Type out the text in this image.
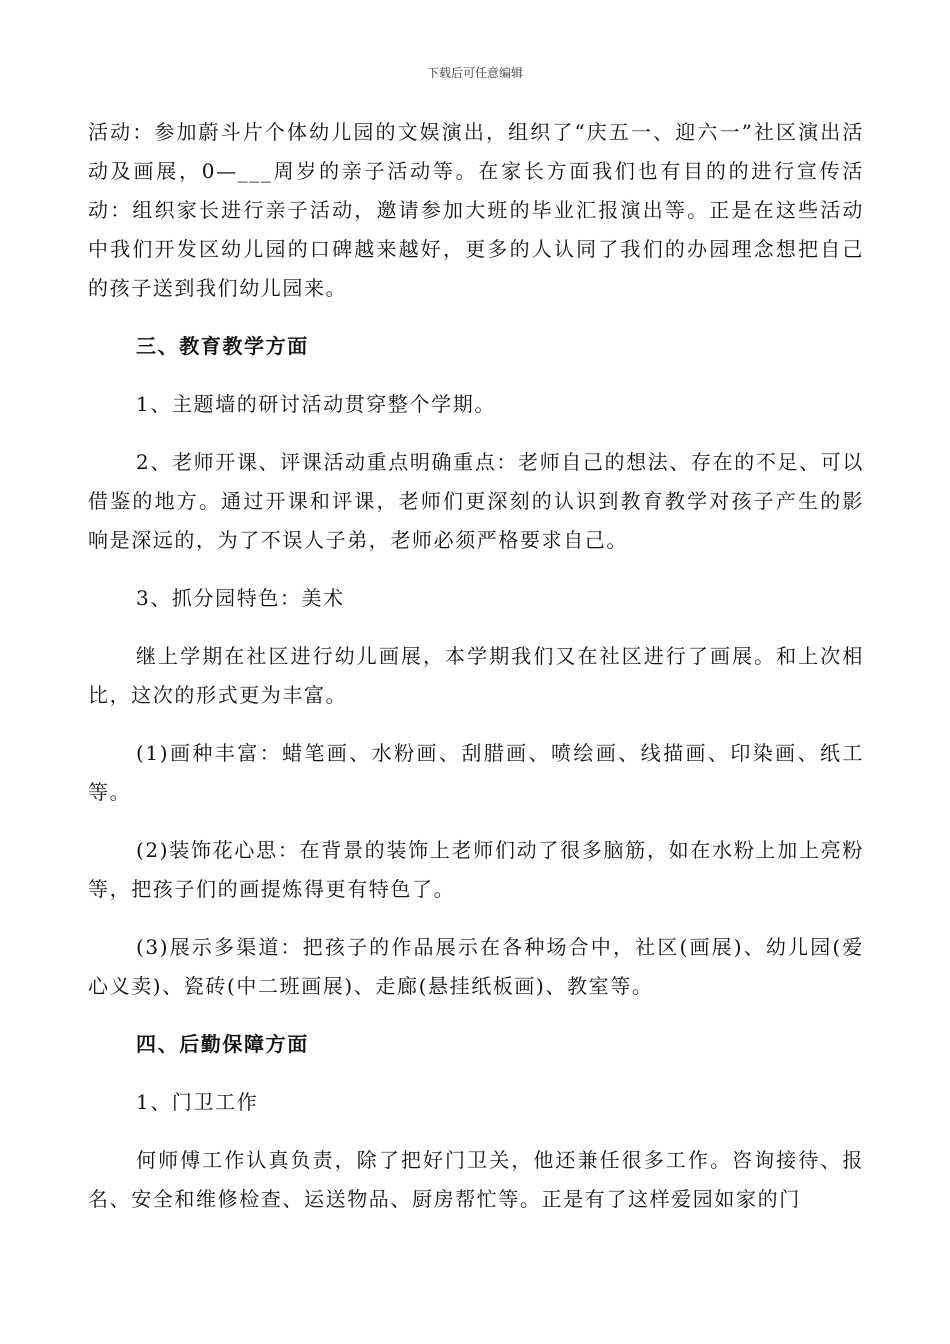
下载后可任意编辑

活动：参加蔚斗片个体幼儿园的文娱演出，组织了“庆五一、迎六一”社区演出活动及画展，0—___周岁的亲子活动等。在家长方面我们也有目的的进行宣传活动：组织家长进行亲子活动，邀请参加大班的毕业汇报演出等。正是在这些活动中我们开发区幼儿园的口碑越来越好，更多的人认同了我们的办园理念想把自己的孩子送到我们幼儿园来。

三、教育教学方面

1、主题墙的研讨活动贯穿整个学期。

2、老师开课、评课活动重点明确重点：老师自己的想法、存在的不足、可以借鉴的地方。通过开课和评课，老师们更深刻的认识到教育教学对孩子产生的影响是深远的，为了不误人子弟，老师必须严格要求自己。

3、抓分园特色：美术

继上学期在社区进行幼儿画展，本学期我们又在社区进行了画展。和上次相比，这次的形式更为丰富。

(1)画种丰富：蜡笔画、水粉画、刮腊画、喷绘画、线描画、印染画、纸工等。

(2)装饰花心思：在背景的装饰上老师们动了很多脑筋，如在水粉上加上亮粉等，把孩子们的画提炼得更有特色了。

(3)展示多渠道：把孩子的作品展示在各种场合中，社区(画展)、幼儿园(爱心义卖)、瓷砖(中二班画展)、走廊(悬挂纸板画)、教室等。

四、后勤保障方面

1、门卫工作

何师傅工作认真负责，除了把好门卫关，他还兼任很多工作。咨询接待、报名、安全和维修检查、运送物品、厨房帮忙等。正是有了这样爱园如家的门
